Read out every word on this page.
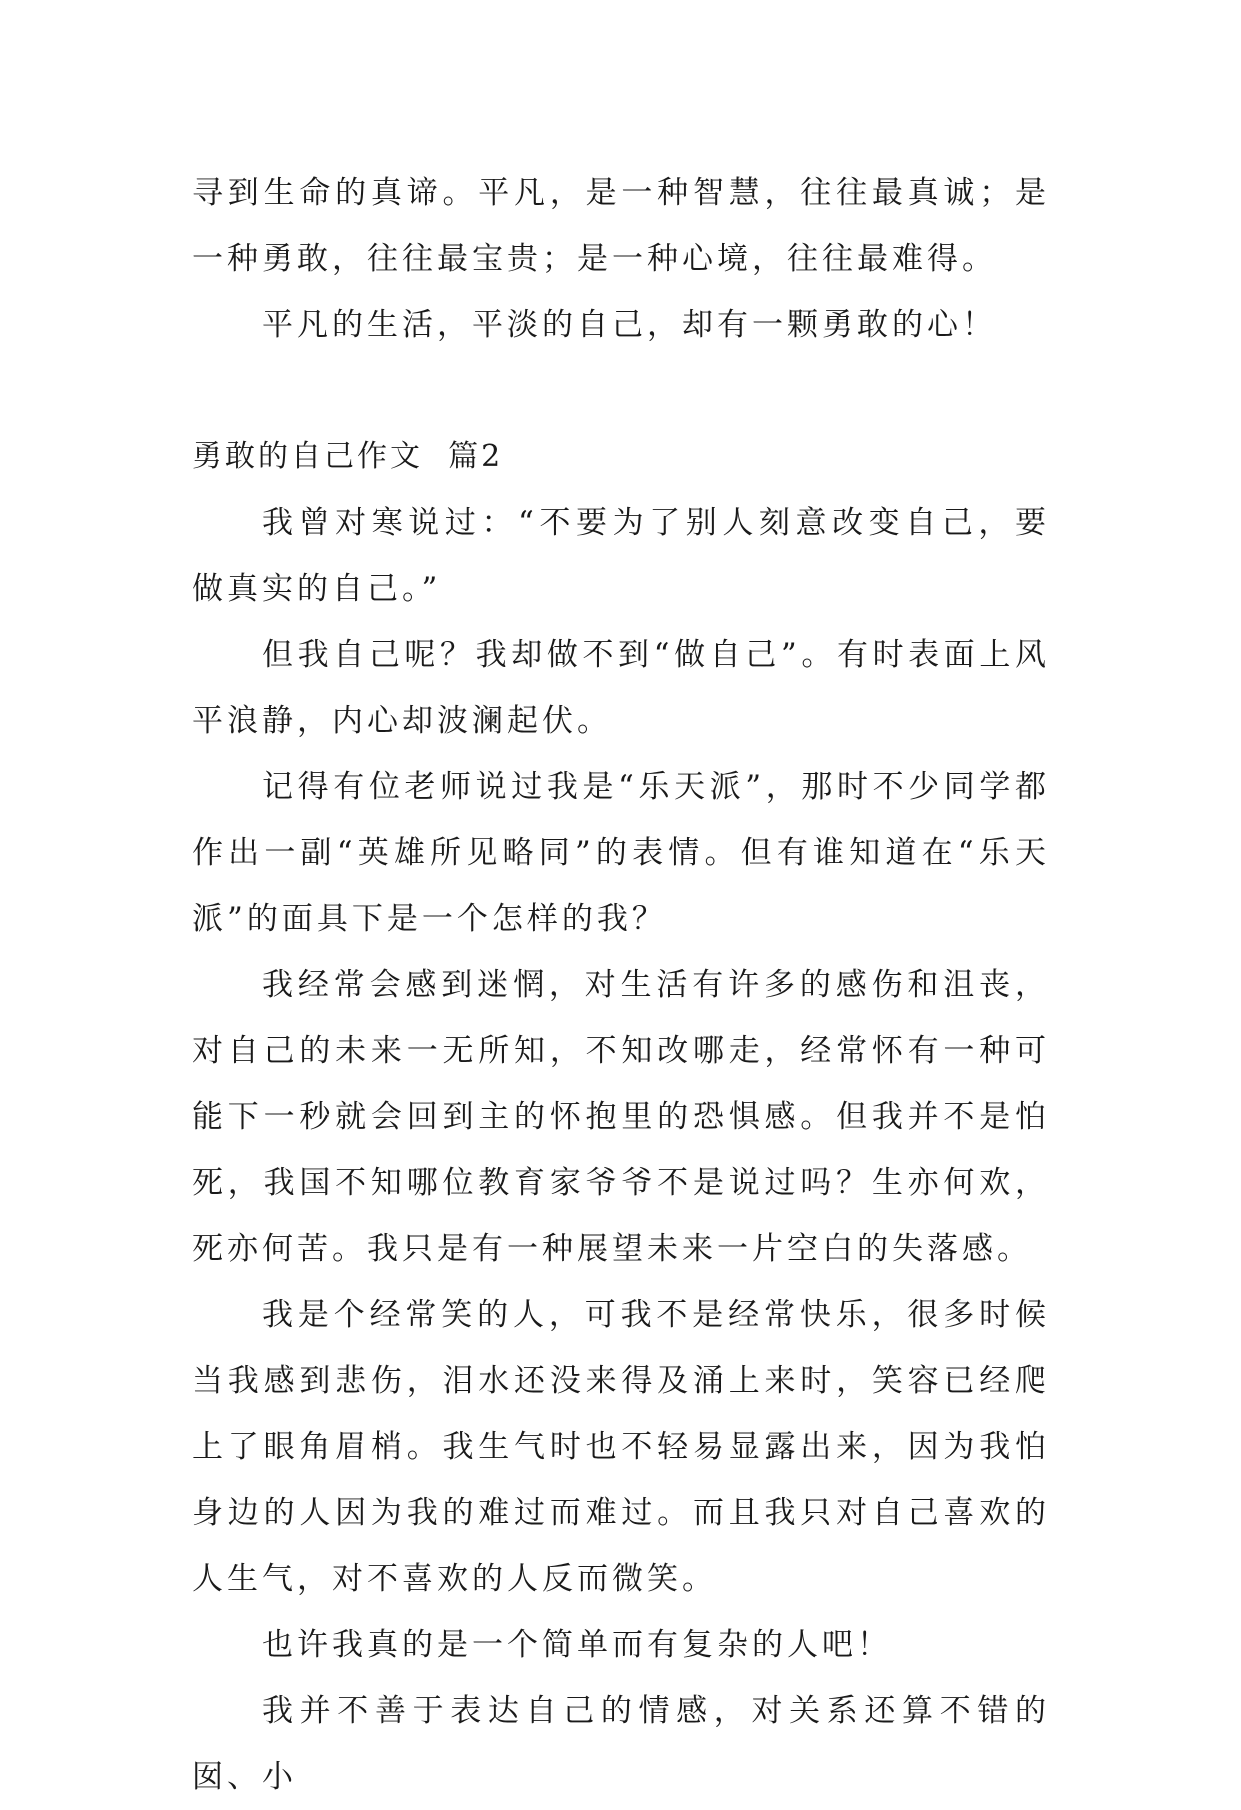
寻到生命的真谛。平凡，是一种智慧，往往最真诚；是一种勇敢，往往最宝贵；是一种心境，往往最难得。

平凡的生活，平淡的自己，却有一颗勇敢的心！

勇敢的自己作文  篇2

我曾对寒说过：“不要为了别人刻意改变自己，要做真实的自己。”

但我自己呢？我却做不到“做自己”。有时表面上风平浪静，内心却波澜起伏。

记得有位老师说过我是“乐天派”，那时不少同学都作出一副“英雄所见略同”的表情。但有谁知道在“乐天派”的面具下是一个怎样的我？

我经常会感到迷惘，对生活有许多的感伤和沮丧，对自己的未来一无所知，不知改哪走，经常怀有一种可能下一秒就会回到主的怀抱里的恐惧感。但我并不是怕死，我国不知哪位教育家爷爷不是说过吗？生亦何欢，死亦何苦。我只是有一种展望未来一片空白的失落感。

我是个经常笑的人，可我不是经常快乐，很多时候当我感到悲伤，泪水还没来得及涌上来时，笑容已经爬上了眼角眉梢。我生气时也不轻易显露出来，因为我怕身边的人因为我的难过而难过。而且我只对自己喜欢的人生气，对不喜欢的人反而微笑。

也许我真的是一个简单而有复杂的人吧！

我并不善于表达自己的情感，对关系还算不错的囡、小
